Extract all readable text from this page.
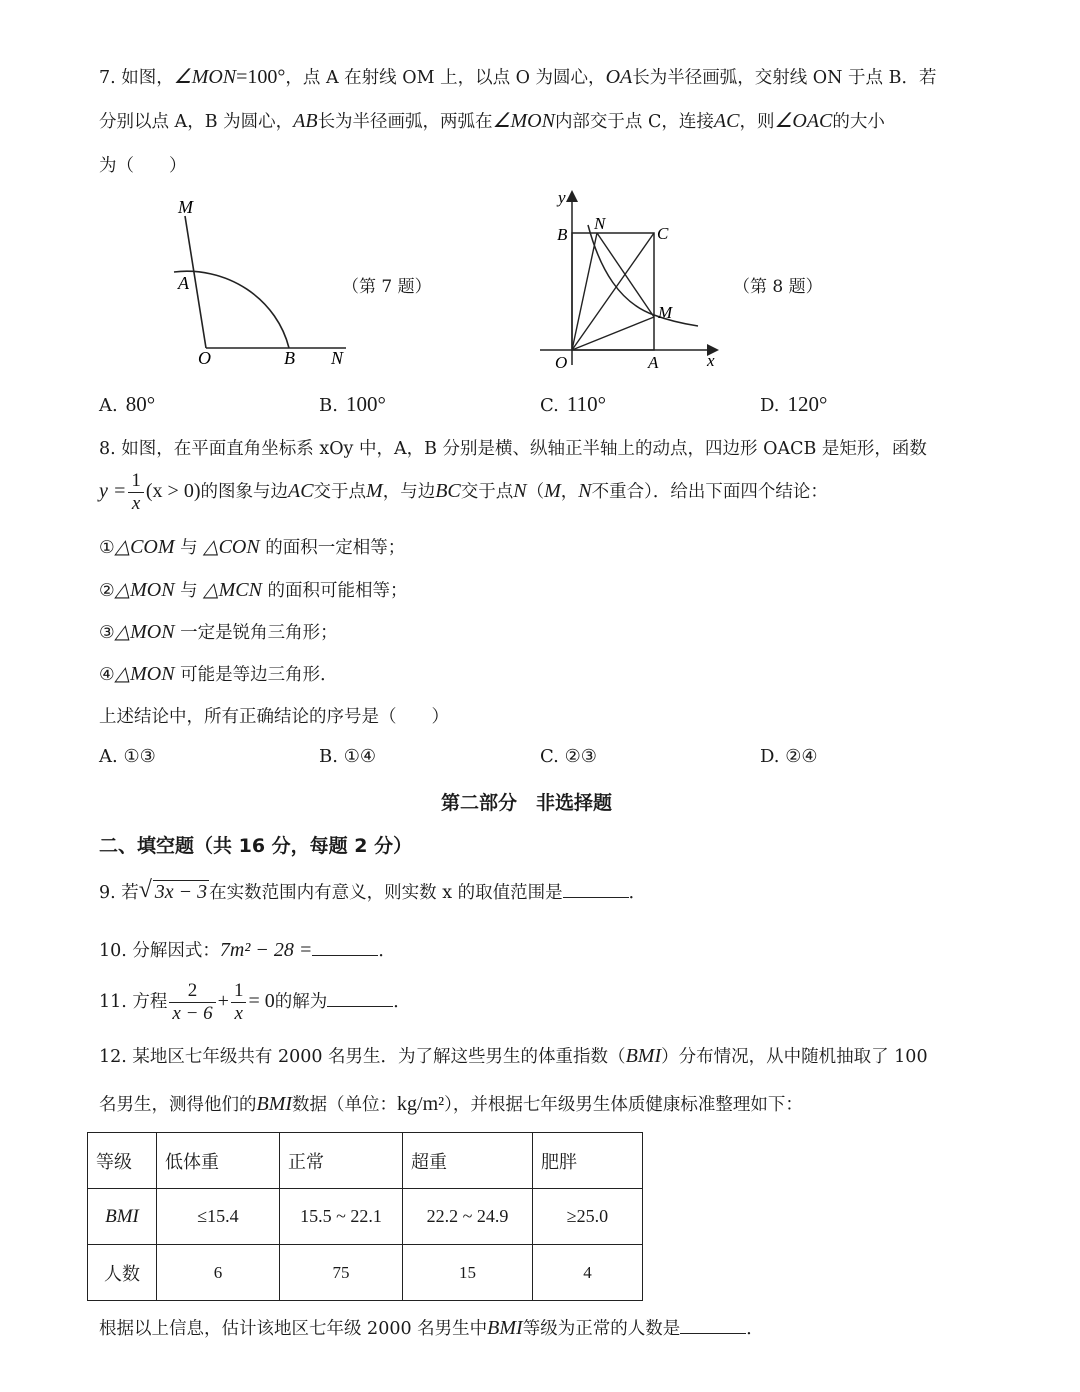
7. 如图，∠MON=100°，点 A 在射线 OM 上，以点 O 为圆心，OA长为半径画弧，交射线 ON 于点 B．若
分别以点 A，B 为圆心，AB长为半径画弧，两弧在∠MON内部交于点 C，连接AC，则∠OAC的大小
为（　　）
M
A
O	B N
（第 7 题）
y
B
N
C
M
O	A	x
（第 8 题）
A. 80°	B. 100°	C. 110°	D. 120°
8. 如图，在平面直角坐标系 xOy 中，A，B 分别是横、纵轴正半轴上的动点，四边形 OACB 是矩形，函数
$y = \frac{1}{x} (x > 0)$的图象与边AC交于点M，与边BC交于点N（M，N不重合）．给出下面四个结论：
①△COM 与 △CON 的面积一定相等；
②△MON 与 △MCN 的面积可能相等；
③△MON 一定是锐角三角形；
④△MON 可能是等边三角形．
上述结论中，所有正确结论的序号是（　　）
A. ①③	B. ①④	C. ②③	D. ②④
第二部分　非选择题
二、填空题（共 16 分，每题 2 分）
9. 若 √ 3x − 3 在实数范围内有意义，则实数 x 的取值范围是	．
10. 分解因式：7m² − 28 =	．
11. 方程 $\frac{2}{x - 6} + \frac{1}{x} = 0$的解为	．
12. 某地区七年级共有 2000 名男生．为了解这些男生的体重指数（BMI）分布情况，从中随机抽取了 100
名男生，测得他们的BMI数据（单位：kg/m²），并根据七年级男生体质健康标准整理如下：
等级	低体重	正常	超重	肥胖
BMI	≤15.4	15.5 ~ 22.1	22.2 ~ 24.9	≥25.0
人数	6	75	15	4
根据以上信息，估计该地区七年级 2000 名男生中BMI等级为正常的人数是	．
